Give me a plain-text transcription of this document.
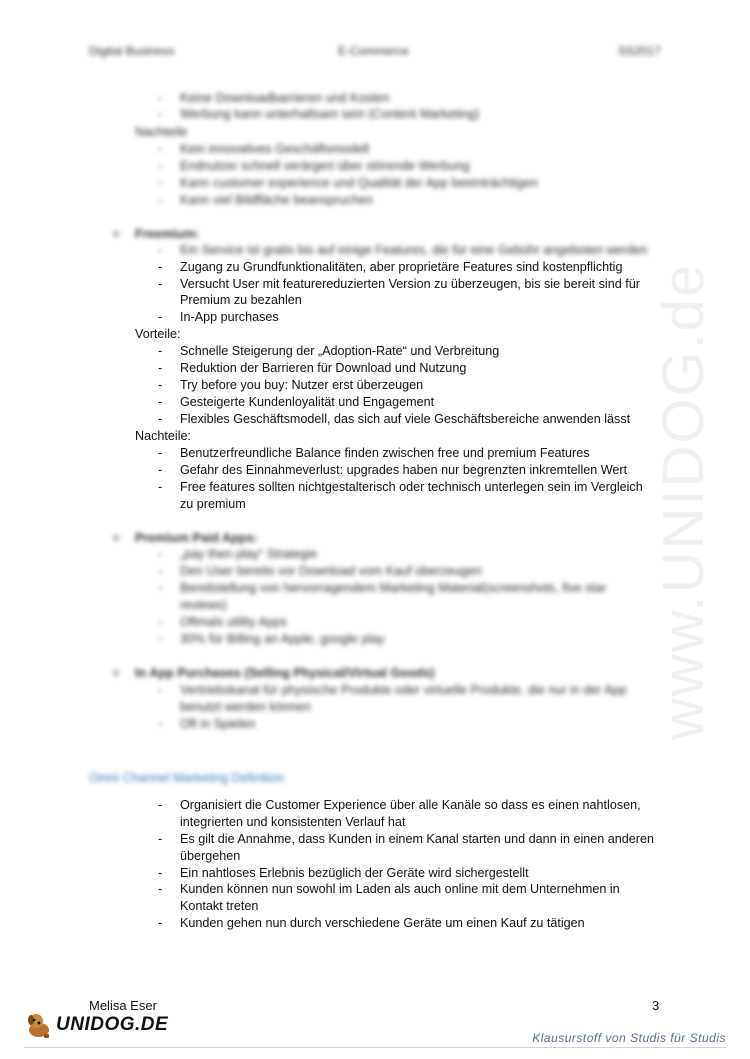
Digital Business	E-Commerce	SS2017
www.UNIDOG.de
- Keine Downloadbarrieren und Kosten
- Werbung kann unterhaltsam sein (Content Marketing)
Nachteile
- Kein innovatives Geschäftsmodell
- Endnutzer schnell verärgert über störende Werbung
- Kann customer experience und Qualität der App beeinträchtigen
- Kann viel Bildfläche beanspruchen
o Freemium:
- Ein Service ist gratis bis auf einige Features, die für eine Gebühr angeboten werden
- Zugang zu Grundfunktionalitäten, aber proprietäre Features sind kostenpflichtig
- Versucht User mit featurereduzierten Version zu überzeugen, bis sie bereit sind für
Premium zu bezahlen
- In-App purchases
Vorteile:
- Schnelle Steigerung der „Adoption-Rate“ und Verbreitung
- Reduktion der Barrieren für Download und Nutzung
- Try before you buy: Nutzer erst überzeugen
- Gesteigerte Kundenloyalität und Engagement
- Flexibles Geschäftsmodell, das sich auf viele Geschäftsbereiche anwenden lässt
Nachteile:
- Benutzerfreundliche Balance finden zwischen free und premium Features
- Gefahr des Einnahmeverlust: upgrades haben nur begrenzten inkremtellen Wert
- Free features sollten nichtgestalterisch oder technisch unterlegen sein im Vergleich
zu premium
o Premium Paid Apps:
- „pay then play“ Strategie
- Den User bereits vor Download vom Kauf überzeugen
- Bereitstellung von hervorragendem Marketing Material(screenshots, five star
reviews)
- Oftmals utility Apps
- 30% für Billing an Apple, google play
o In App Purchases (Selling Physical/Virtual Goods)
- Vertriebskanal für physische Produkte oder virtuelle Produkte, die nur in der App
benutzt werden können
- Oft in Spielen
Omni Channel Marketing Definition
- Organisiert die Customer Experience über alle Kanäle so dass es einen nahtlosen,
integrierten und konsistenten Verlauf hat
- Es gilt die Annahme, dass Kunden in einem Kanal starten und dann in einen anderen
übergehen
- Ein nahtloses Erlebnis bezüglich der Geräte wird sichergestellt
- Kunden können nun sowohl im Laden als auch online mit dem Unternehmen in
Kontakt treten
- Kunden gehen nun durch verschiedene Geräte um einen Kauf zu tätigen
Melisa Eser	3
UNIDOG.DE
Klausurstoff von Studis für Studis
